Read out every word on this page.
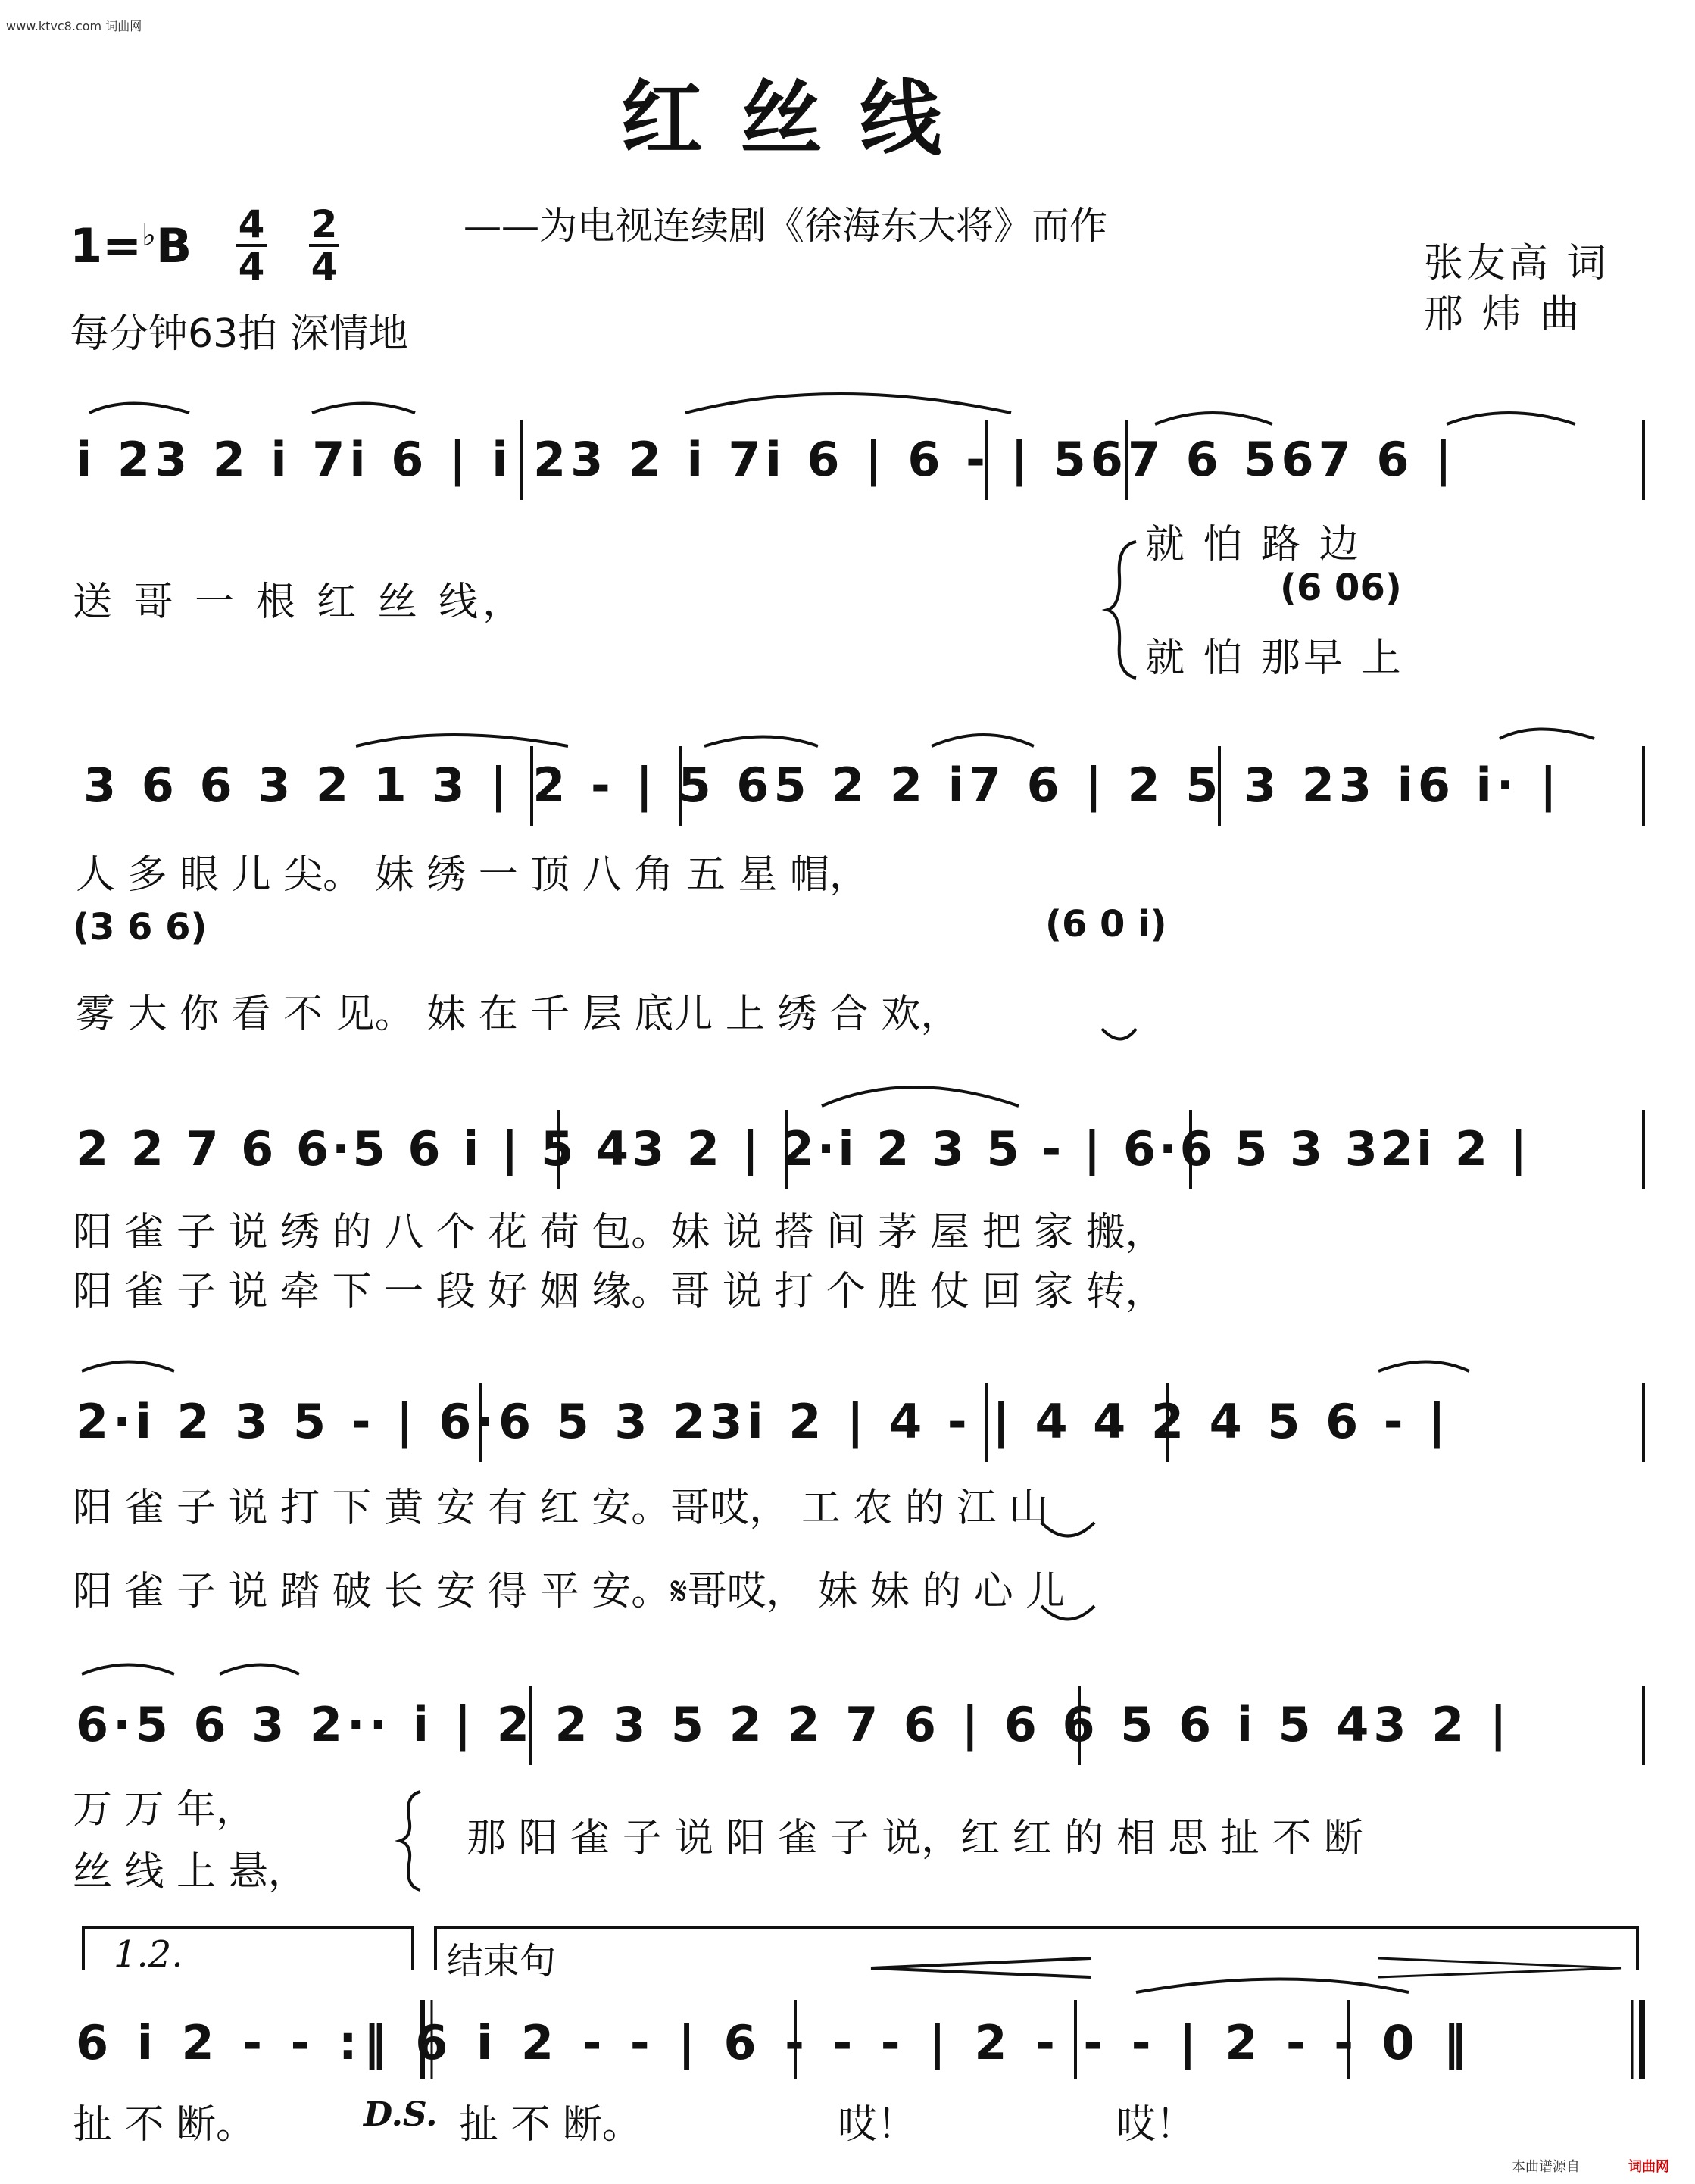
www.ktvc8.com 词曲网
红 丝 线
——为电视连续剧《徐海东大将》而作
1=♭B 4
4
2
4
每分钟63拍 深情地
张友高 词
邢 炜 曲
i 23 2 i 7i 6 | i 23 2 i 7i 6 | 6 - | 567 6 567 6 |
送 哥 一 根 红 丝 线，
就 怕 路 边
(6 06)
就 怕 那早 上
3 6 6 3 2 1 3 | 2 - | 5 65 2 2 i7 6 | 2 5 3 23 i6 i· |
人 多 眼 儿 尖。 妹 绣 一 顶 八 角 五 星 帽，
(3 6 6)	(6 0 i)
雾 大 你 看 不 见。 妹 在 千 层 底儿 上 绣 合 欢，
2 2 7 6 6·5 6 i | 5 43 2 | 2·i 2 3 5 - | 6·6 5 3 32i 2 |
阳 雀 子 说 绣 的 八 个 花 荷 包。妹 说 搭 间 茅 屋 把 家 搬，
阳 雀 子 说 牵 下 一 段 好 姻 缘。哥 说 打 个 胜 仗 回 家 转，
2·i 2 3 5 - | 6·6 5 3 23i 2 | 4 - | 4 4 2 4 5 6 - |
阳 雀 子 说 打 下 黄 安 有 红 安。哥哎， 工 农 的 江 山
阳 雀 子 说 踏 破 长 安 得 平 安。𝄋哥哎， 妹 妹 的 心 儿
6·5 6 3 2·· i | 2 2 3 5 2 2 7 6 | 6 6 5 6 i 5 43 2 |
万 万 年，
丝 线 上 悬，
那 阳 雀 子 说 阳 雀 子 说，红 红 的 相 思 扯 不 断
1.2.	结束句
6 i 2 - - :‖ 6 i 2 - - | 6 - - - | 2 - - - | 2 - - 0 ‖
扯 不 断。	D.S. 扯 不 断。	哎！	哎！
本曲谱源自	词曲网
